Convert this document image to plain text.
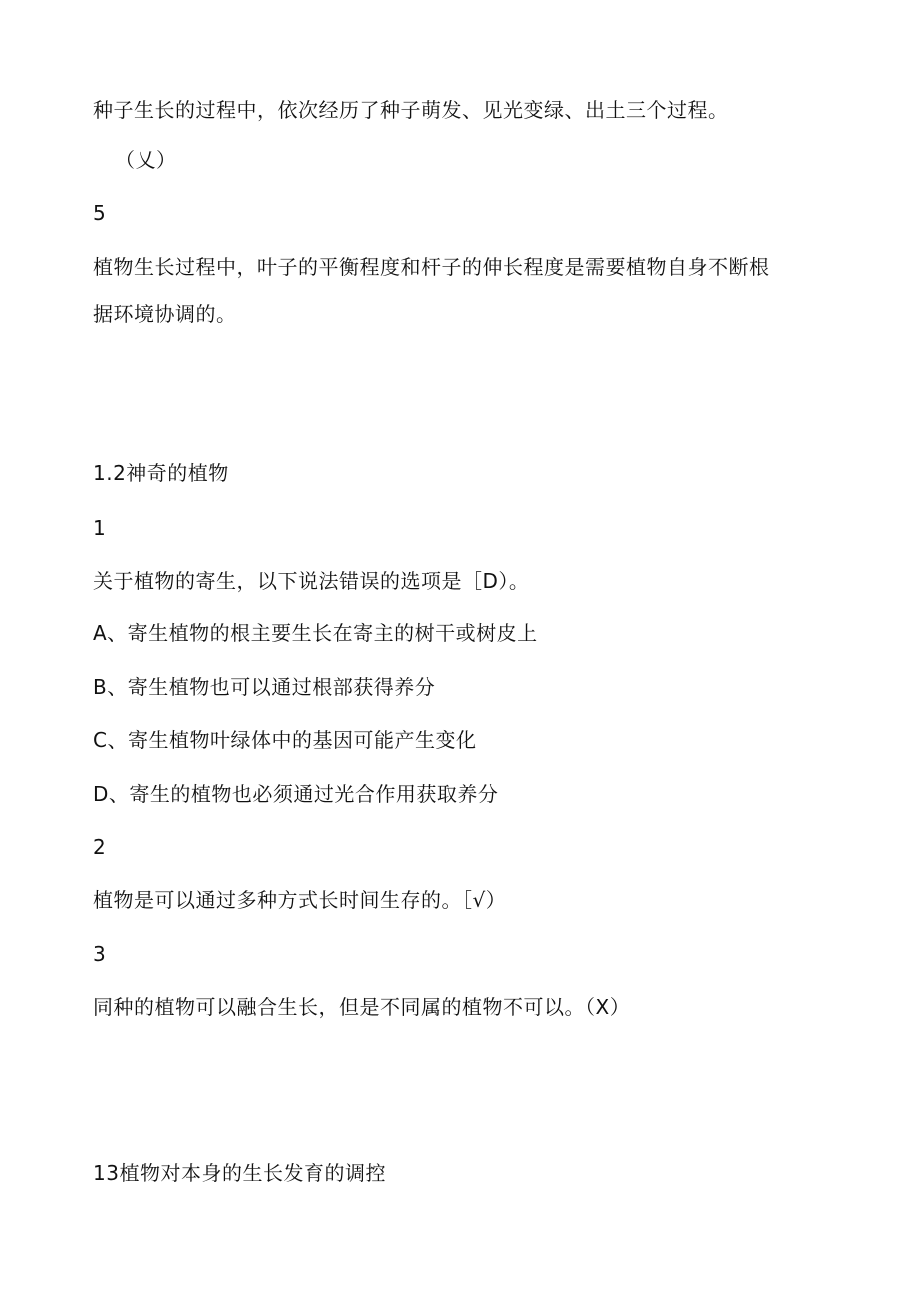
种子生长的过程中，依次经历了种子萌发、见光变绿、出土三个过程。
（乂）
5
植物生长过程中，叶子的平衡程度和杆子的伸长程度是需要植物自身不断根
据环境协调的。
1.2神奇的植物
1
关于植物的寄生，以下说法错误的选项是［D）。
A、寄生植物的根主要生长在寄主的树干或树皮上
B、寄生植物也可以通过根部获得养分
C、寄生植物叶绿体中的基因可能产生变化
D、寄生的植物也必须通过光合作用获取养分
2
植物是可以通过多种方式长时间生存的。［√）
3
同种的植物可以融合生长，但是不同属的植物不可以。（X）
13植物对本身的生长发育的调控
